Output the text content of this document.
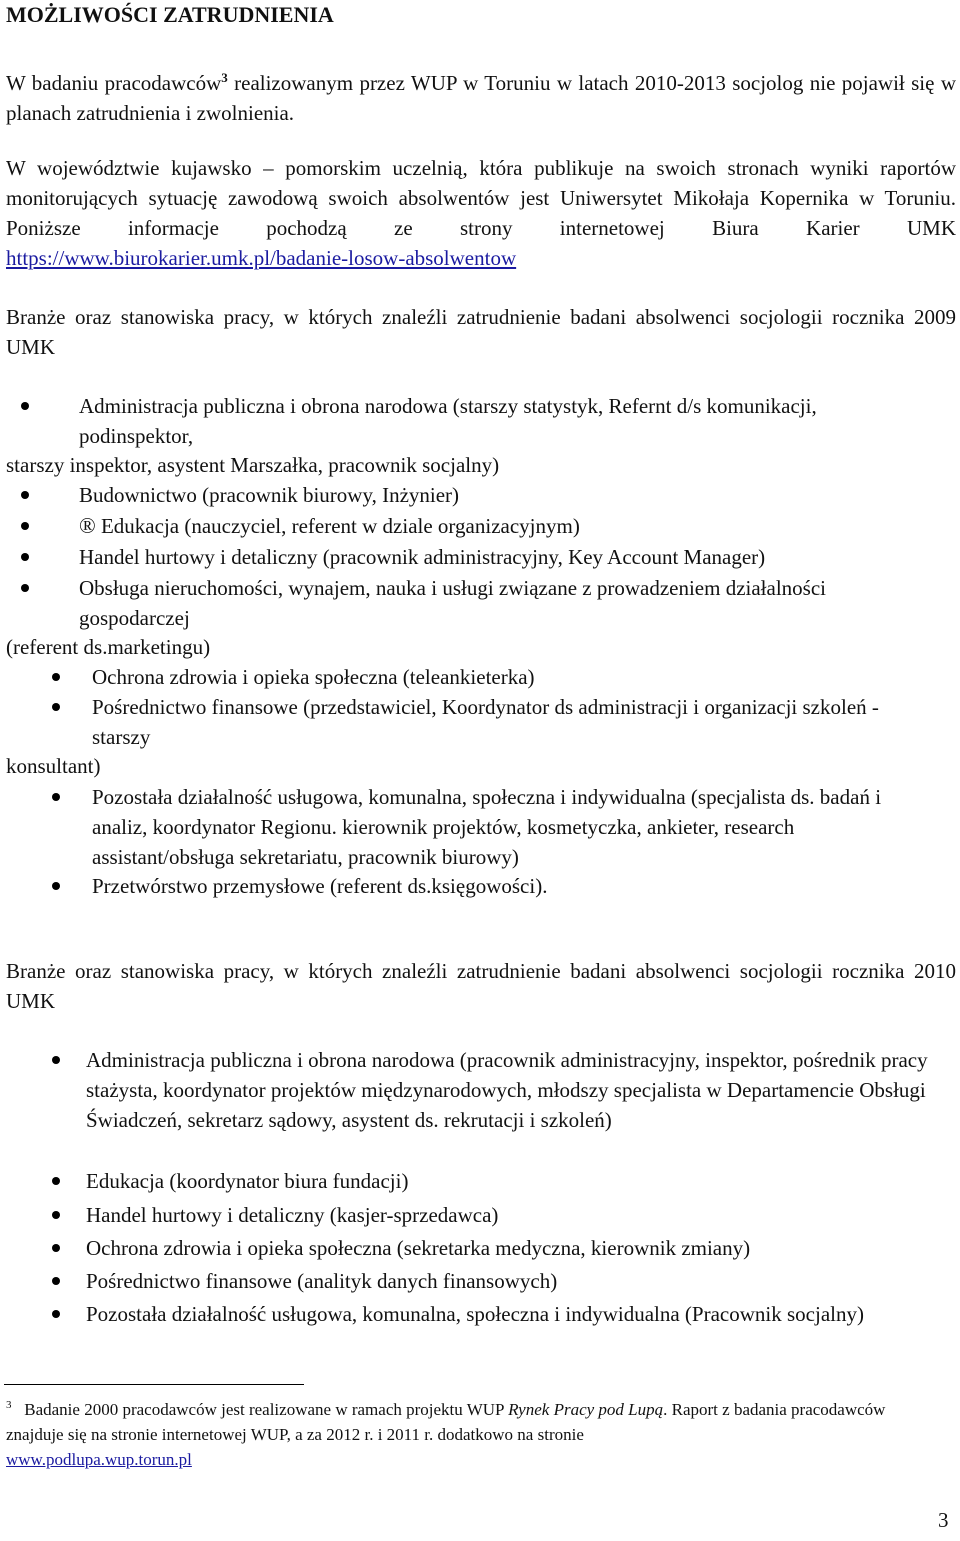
MOŻLIWOŚCI ZATRUDNIENIA

W badaniu pracodawców$^3$ realizowanym przez WUP w Toruniu w latach 2010-2013 socjolog nie pojawił się w planach zatrudnienia i zwolnienia.

W województwie kujawsko – pomorskim uczelnią, która publikuje na swoich stronach wyniki raportów monitorujących sytuację zawodową swoich absolwentów jest Uniwersytet Mikołaja Kopernika w Toruniu. Poniższe informacje pochodzą ze strony internetowej Biura Karier UMK https://www.biurokarier.umk.pl/badanie-losow-absolwentow

Branże oraz stanowiska pracy, w których znaleźli zatrudnienie badani absolwenci socjologii rocznika 2009 UMK

Administracja publiczna i obrona narodowa (starszy statystyk, Refernt d/s komunikacji, podinspektor,
starszy inspektor, asystent Marszałka, pracownik socjalny)
Budownictwo (pracownik biurowy, Inżynier)
® Edukacja (nauczyciel, referent w dziale organizacyjnym)
Handel hurtowy i detaliczny (pracownik administracyjny, Key Account Manager)
Obsługa nieruchomości, wynajem, nauka i usługi związane z prowadzeniem działalności gospodarczej
(referent ds.marketingu)
Ochrona zdrowia i opieka społeczna (teleankieterka)
Pośrednictwo finansowe (przedstawiciel, Koordynator ds administracji i organizacji szkoleń - starszy
konsultant)
Pozostała działalność usługowa, komunalna, społeczna i indywidualna (specjalista ds. badań i analiz, koordynator Regionu. kierownik projektów, kosmetyczka, ankieter, research assistant/obsługa sekretariatu, pracownik biurowy)
Przetwórstwo przemysłowe (referent ds.księgowości).

Branże oraz stanowiska pracy, w których znaleźli zatrudnienie badani absolwenci socjologii rocznika 2010 UMK

Administracja publiczna i obrona narodowa (pracownik administracyjny, inspektor, pośrednik pracy stażysta, koordynator projektów międzynarodowych, młodszy specjalista w Departamencie Obsługi Świadczeń, sekretarz sądowy, asystent ds. rekrutacji i szkoleń)
Edukacja (koordynator biura fundacji)
Handel hurtowy i detaliczny (kasjer-sprzedawca)
Ochrona zdrowia i opieka społeczna (sekretarka medyczna, kierownik zmiany)
Pośrednictwo finansowe (analityk danych finansowych)
Pozostała działalność usługowa, komunalna, społeczna i indywidualna (Pracownik socjalny)

$^3$ Badanie 2000 pracodawców jest realizowane w ramach projektu WUP Rynek Pracy pod Lupą. Raport z badania pracodawców znajduje się na stronie internetowej WUP, a za 2012 r. i 2011 r. dodatkowo na stronie
www.podlupa.wup.torun.pl

3
